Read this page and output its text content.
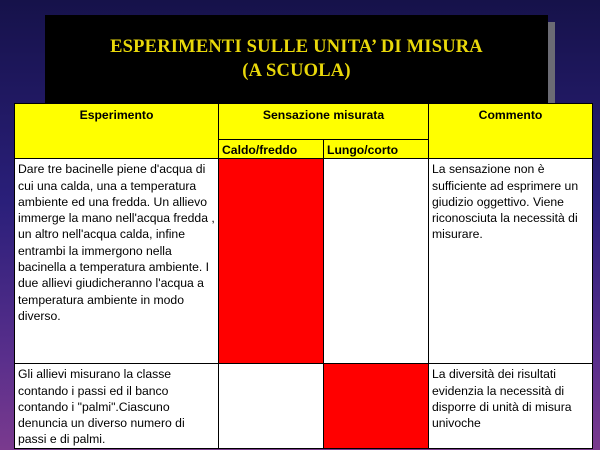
ESPERIMENTI SULLE UNITA’ DI MISURA
(A SCUOLA)
Esperimento	Sensazione misurata		Commento
	Caldo/freddo	Lungo/corto	
Dare tre bacinelle piene d'acqua di cui una calda, una a temperatura ambiente ed una fredda. Un allievo immerge la mano nell'acqua fredda , un altro nell'acqua calda, infine entrambi la immergono nella bacinella a temperatura ambiente. I due allievi giudicheranno l'acqua a temperatura ambiente in modo diverso.			La sensazione non è sufficiente ad esprimere un giudizio oggettivo. Viene riconosciuta la necessità di misurare.
Gli allievi misurano la classe contando i passi ed il banco contando i "palmi".Ciascuno denuncia un diverso numero di passi e di palmi.			La diversità dei risultati evidenzia la necessità di disporre di unità di misura univoche
